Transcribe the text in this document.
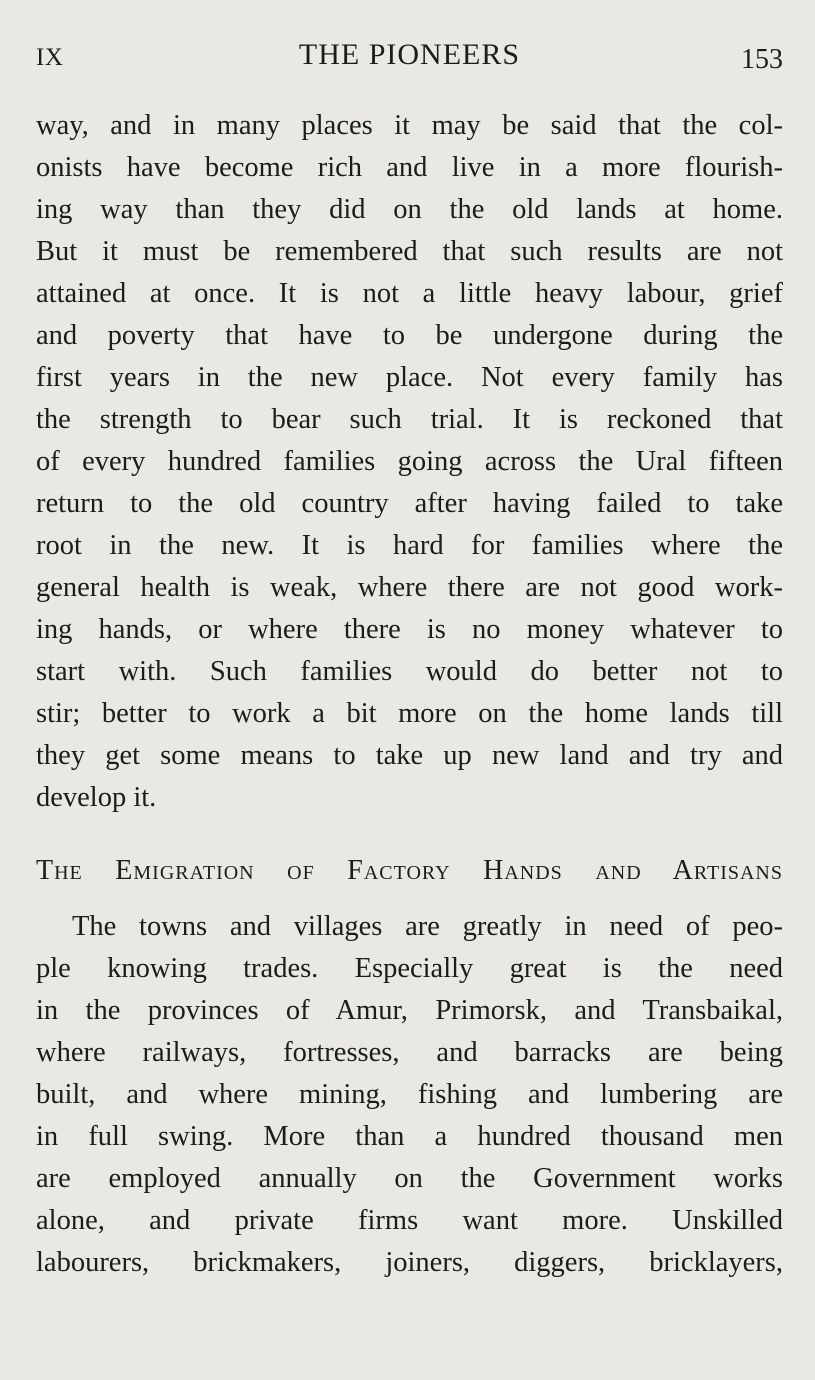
IX	THE PIONEERS	153
way, and in many places it may be said that the col-
onists have become rich and live in a more flourish-
ing way than they did on the old lands at home.
But it must be remembered that such results are not
attained at once. It is not a little heavy labour, grief
and poverty that have to be undergone during the
first years in the new place. Not every family has
the strength to bear such trial. It is reckoned that
of every hundred families going across the Ural fifteen
return to the old country after having failed to take
root in the new. It is hard for families where the
general health is weak, where there are not good work-
ing hands, or where there is no money whatever to
start with. Such families would do better not to
stir; better to work a bit more on the home lands till
they get some means to take up new land and try and
develop it.
The Emigration of Factory Hands and Artisans
The towns and villages are greatly in need of peo-
ple knowing trades. Especially great is the need
in the provinces of Amur, Primorsk, and Transbaikal,
where railways, fortresses, and barracks are being
built, and where mining, fishing and lumbering are
in full swing. More than a hundred thousand men
are employed annually on the Government works
alone, and private firms want more. Unskilled
labourers, brickmakers, joiners, diggers, bricklayers,
